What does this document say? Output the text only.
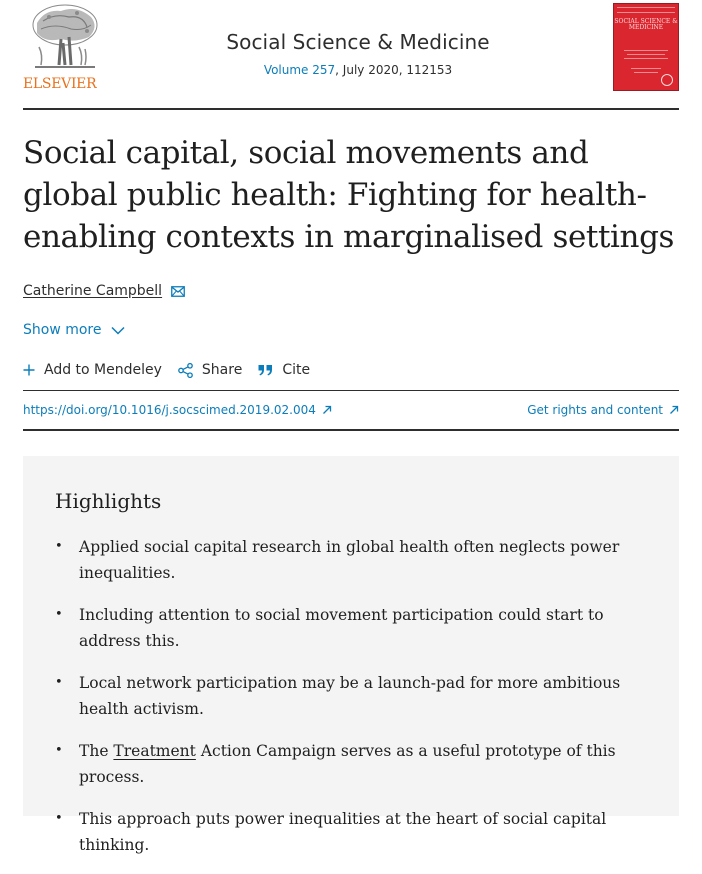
ELSEVIER
Social Science & Medicine
Volume 257, July 2020, 112153
SOCIAL SCIENCE & MEDICINE
Social capital, social movements and global public health: Fighting for health-enabling contexts in marginalised settings
Catherine Campbell
Show more
Add to Mendeley	Share	Cite
https://doi.org/10.1016/j.socscimed.2019.02.004	Get rights and content
Highlights
• Applied social capital research in global health often neglects power inequalities.
• Including attention to social movement participation could start to address this.
• Local network participation may be a launch-pad for more ambitious health activism.
• The Treatment Action Campaign serves as a useful prototype of this process.
• This approach puts power inequalities at the heart of social capital thinking.
